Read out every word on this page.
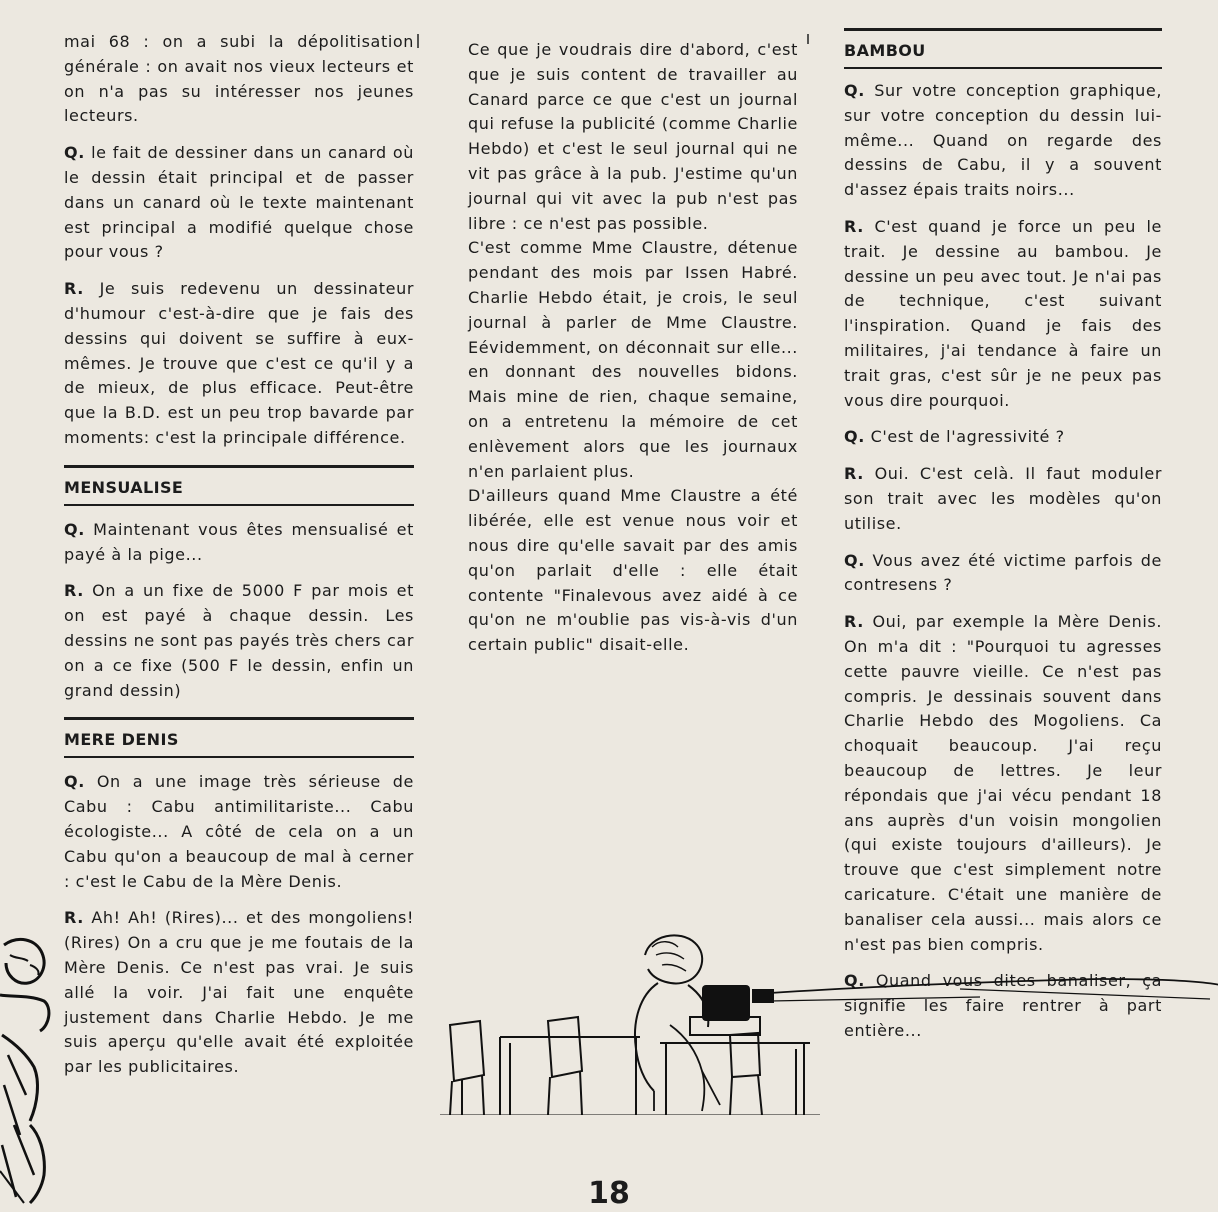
mai 68 : on a subi la dépolitisation générale : on avait nos vieux lecteurs et on n'a pas su intéresser nos jeunes lecteurs.

Q. le fait de dessiner dans un canard où le dessin était principal et de passer dans un canard où le texte maintenant est principal a modifié quelque chose pour vous ?

R. Je suis redevenu un dessinateur d'humour c'est-à-dire que je fais des dessins qui doivent se suffire à eux-mêmes. Je trouve que c'est ce qu'il y a de mieux, de plus efficace. Peut-être que la B.D. est un peu trop bavarde par moments: c'est la principale différence.

MENSUALISE

Q. Maintenant vous êtes mensualisé et payé à la pige...

R. On a un fixe de 5000 F par mois et on est payé à chaque dessin. Les dessins ne sont pas payés très chers car on a ce fixe (500 F le dessin, enfin un grand dessin)

MERE DENIS

Q. On a une image très sérieuse de Cabu : Cabu antimilitariste... Cabu écologiste... A côté de cela on a un Cabu qu'on a beaucoup de mal à cerner : c'est le Cabu de la Mère Denis.

R. Ah! Ah! (Rires)... et des mongoliens! (Rires) On a cru que je me foutais de la Mère Denis. Ce n'est pas vrai. Je suis allé la voir. J'ai fait une enquête justement dans Charlie Hebdo. Je me suis aperçu qu'elle avait été exploitée par les publicitaires.

Ce que je voudrais dire d'abord, c'est que je suis content de travailler au Canard parce ce que c'est un journal qui refuse la publicité (comme Charlie Hebdo) et c'est le seul journal qui ne vit pas grâce à la pub. J'estime qu'un journal qui vit avec la pub n'est pas libre : ce n'est pas possible.

C'est comme Mme Claustre, détenue pendant des mois par Issen Habré. Charlie Hebdo était, je crois, le seul journal à parler de Mme Claustre. Eévidemment, on déconnait sur elle... en donnant des nouvelles bidons. Mais mine de rien, chaque semaine, on a entretenu la mémoire de cet enlèvement alors que les journaux n'en parlaient plus.

D'ailleurs quand Mme Claustre a été libérée, elle est venue nous voir et nous dire qu'elle savait par des amis qu'on parlait d'elle : elle était contente "Finalevous avez aidé à ce qu'on ne m'oublie pas vis-à-vis d'un certain public" disait-elle.

BAMBOU

Q. Sur votre conception graphique, sur votre conception du dessin lui-même... Quand on regarde des dessins de Cabu, il y a souvent d'assez épais traits noirs...

R. C'est quand je force un peu le trait. Je dessine au bambou. Je dessine un peu avec tout. Je n'ai pas de technique, c'est suivant l'inspiration. Quand je fais des militaires, j'ai tendance à faire un trait gras, c'est sûr je ne peux pas vous dire pourquoi.

Q. C'est de l'agressivité ?

R. Oui. C'est celà. Il faut moduler son trait avec les modèles qu'on utilise.

Q. Vous avez été victime parfois de contresens ?

R. Oui, par exemple la Mère Denis. On m'a dit : "Pourquoi tu agresses cette pauvre vieille. Ce n'est pas compris. Je dessinais souvent dans Charlie Hebdo des Mogoliens. Ca choquait beaucoup. J'ai reçu beaucoup de lettres. Je leur répondais que j'ai vécu pendant 18 ans auprès d'un voisin mongolien (qui existe toujours d'ailleurs). Je trouve que c'est simplement notre caricature. C'était une manière de banaliser cela aussi... mais alors ce n'est pas bien compris.

Q. Quand vous dites banaliser, ça signifie les faire rentrer à part entière...

18
